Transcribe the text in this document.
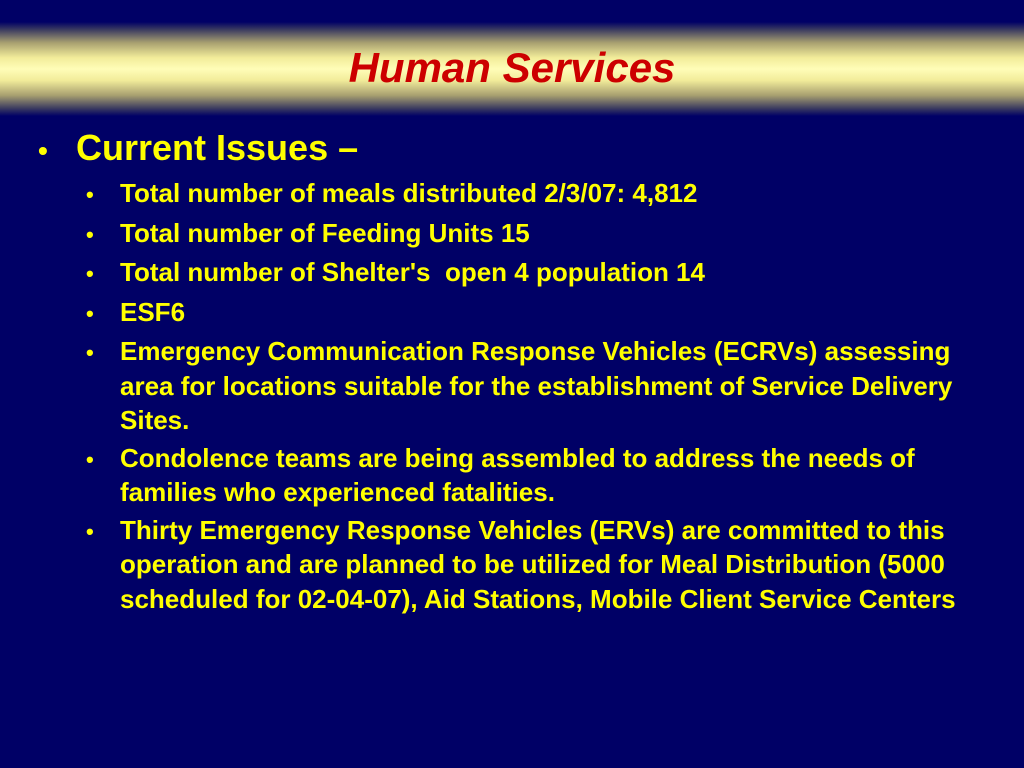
Human Services
• Current Issues –
•	Total number of meals distributed 2/3/07: 4,812
•	Total number of Feeding Units 15
•	Total number of Shelter's  open 4 population 14
•	ESF6
•	Emergency Communication Response Vehicles (ECRVs) assessing area for locations suitable for the establishment of Service Delivery Sites.
•	Condolence teams are being assembled to address the needs of families who experienced fatalities.
•	Thirty Emergency Response Vehicles (ERVs) are committed to this operation and are planned to be utilized for Meal Distribution (5000 scheduled for 02-04-07), Aid Stations, Mobile Client Service Centers
